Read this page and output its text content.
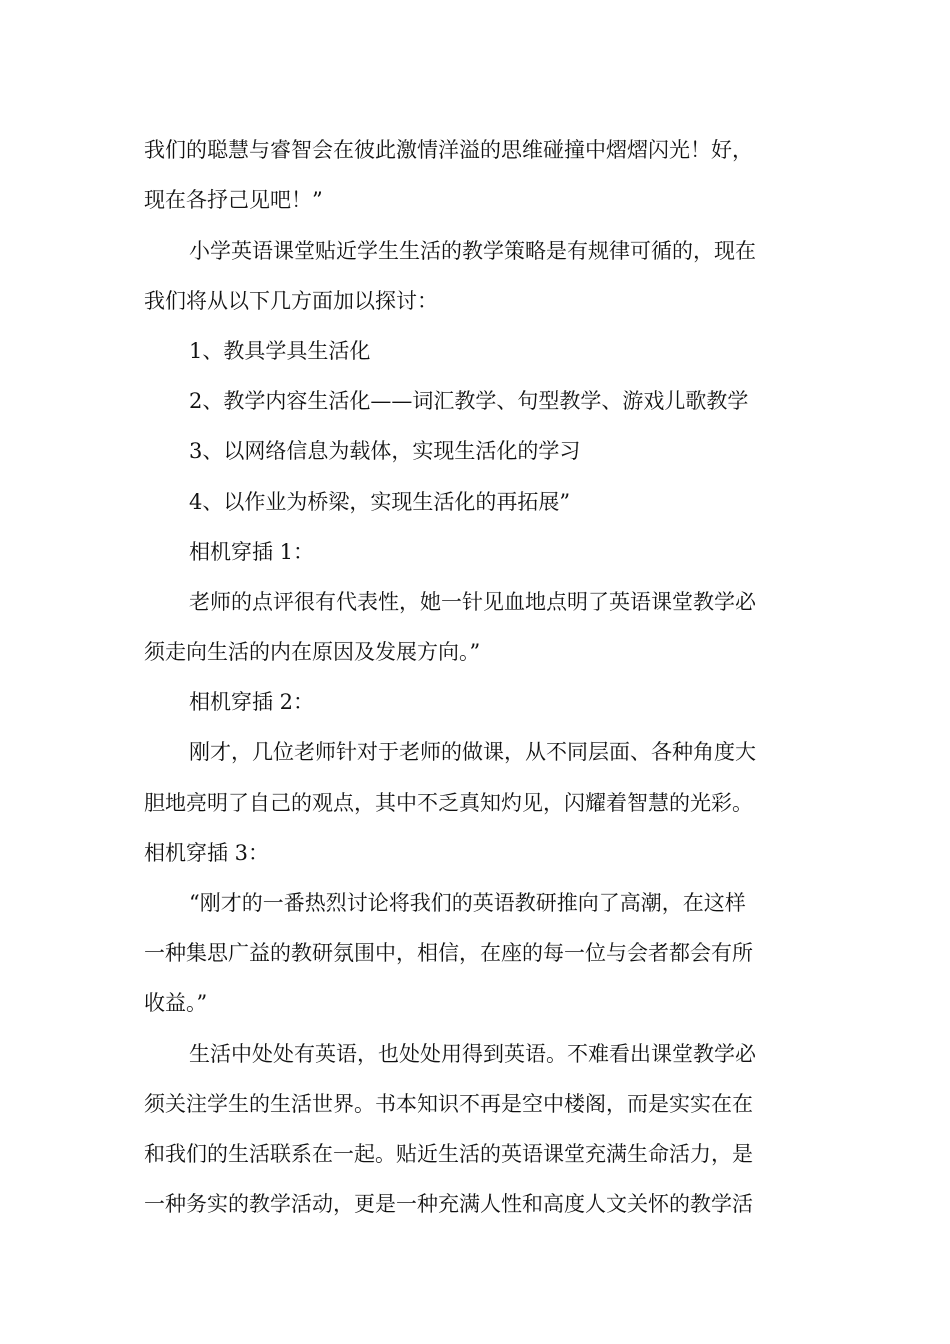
我们的聪慧与睿智会在彼此激情洋溢的思维碰撞中熠熠闪光！好，
现在各抒己见吧！”
小学英语课堂贴近学生生活的教学策略是有规律可循的，现在
我们将从以下几方面加以探讨：
1、教具学具生活化
2、教学内容生活化——词汇教学、句型教学、游戏儿歌教学
3、以网络信息为载体，实现生活化的学习
4、以作业为桥梁，实现生活化的再拓展”
相机穿插 1：
老师的点评很有代表性，她一针见血地点明了英语课堂教学必
须走向生活的内在原因及发展方向。”
相机穿插 2：
刚才，几位老师针对于老师的做课，从不同层面、各种角度大
胆地亮明了自己的观点，其中不乏真知灼见，闪耀着智慧的光彩。
相机穿插 3：
“刚才的一番热烈讨论将我们的英语教研推向了高潮，在这样
一种集思广益的教研氛围中，相信，在座的每一位与会者都会有所
收益。”
生活中处处有英语，也处处用得到英语。不难看出课堂教学必
须关注学生的生活世界。书本知识不再是空中楼阁，而是实实在在
和我们的生活联系在一起。贴近生活的英语课堂充满生命活力，是
一种务实的教学活动，更是一种充满人性和高度人文关怀的教学活
